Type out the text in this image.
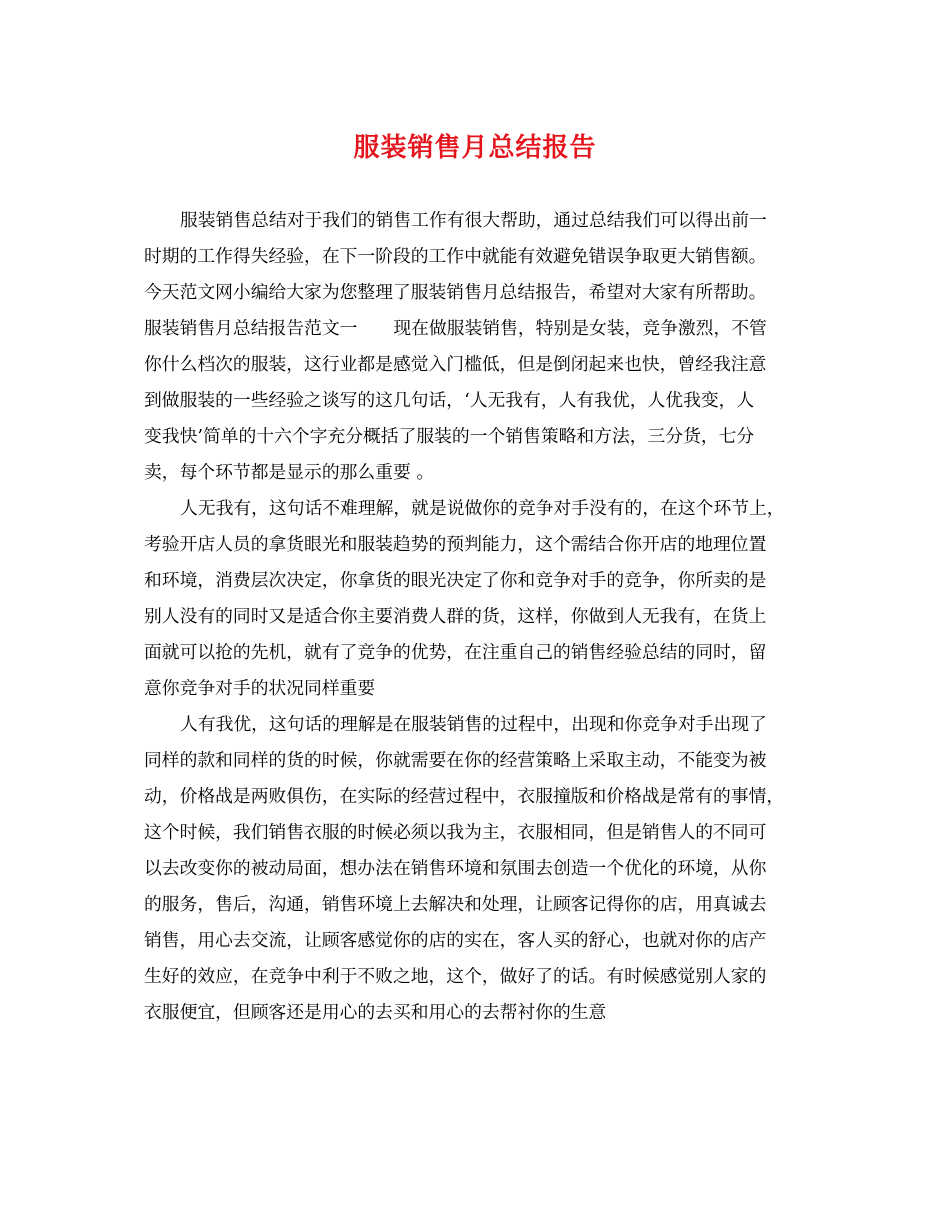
服装销售月总结报告
服装销售总结对于我们的销售工作有很大帮助，通过总结我们可以得出前一
时期的工作得失经验，在下一阶段的工作中就能有效避免错误争取更大销售额。
今天范文网小编给大家为您整理了服装销售月总结报告，希望对大家有所帮助。
服装销售月总结报告范文一 现在做服装销售，特别是女装，竞争激烈，不管
你什么档次的服装，这行业都是感觉入门槛低，但是倒闭起来也快，曾经我注意
到做服装的一些经验之谈写的这几句话，‘人无我有，人有我优，人优我变，人
变我快’简单的十六个字充分概括了服装的一个销售策略和方法，三分货，七分
卖，每个环节都是显示的那么重要 。
人无我有，这句话不难理解，就是说做你的竞争对手没有的，在这个环节上，
考验开店人员的拿货眼光和服装趋势的预判能力，这个需结合你开店的地理位置
和环境，消费层次决定，你拿货的眼光决定了你和竞争对手的竞争，你所卖的是
别人没有的同时又是适合你主要消费人群的货，这样，你做到人无我有，在货上
面就可以抢的先机，就有了竞争的优势，在注重自己的销售经验总结的同时，留
意你竞争对手的状况同样重要
人有我优，这句话的理解是在服装销售的过程中，出现和你竞争对手出现了
同样的款和同样的货的时候，你就需要在你的经营策略上采取主动，不能变为被
动，价格战是两败俱伤，在实际的经营过程中，衣服撞版和价格战是常有的事情，
这个时候，我们销售衣服的时候必须以我为主，衣服相同，但是销售人的不同可
以去改变你的被动局面，想办法在销售环境和氛围去创造一个优化的环境，从你
的服务，售后，沟通，销售环境上去解决和处理，让顾客记得你的店，用真诚去
销售，用心去交流，让顾客感觉你的店的实在，客人买的舒心，也就对你的店产
生好的效应，在竞争中利于不败之地，这个，做好了的话。有时候感觉别人家的
衣服便宜，但顾客还是用心的去买和用心的去帮衬你的生意
